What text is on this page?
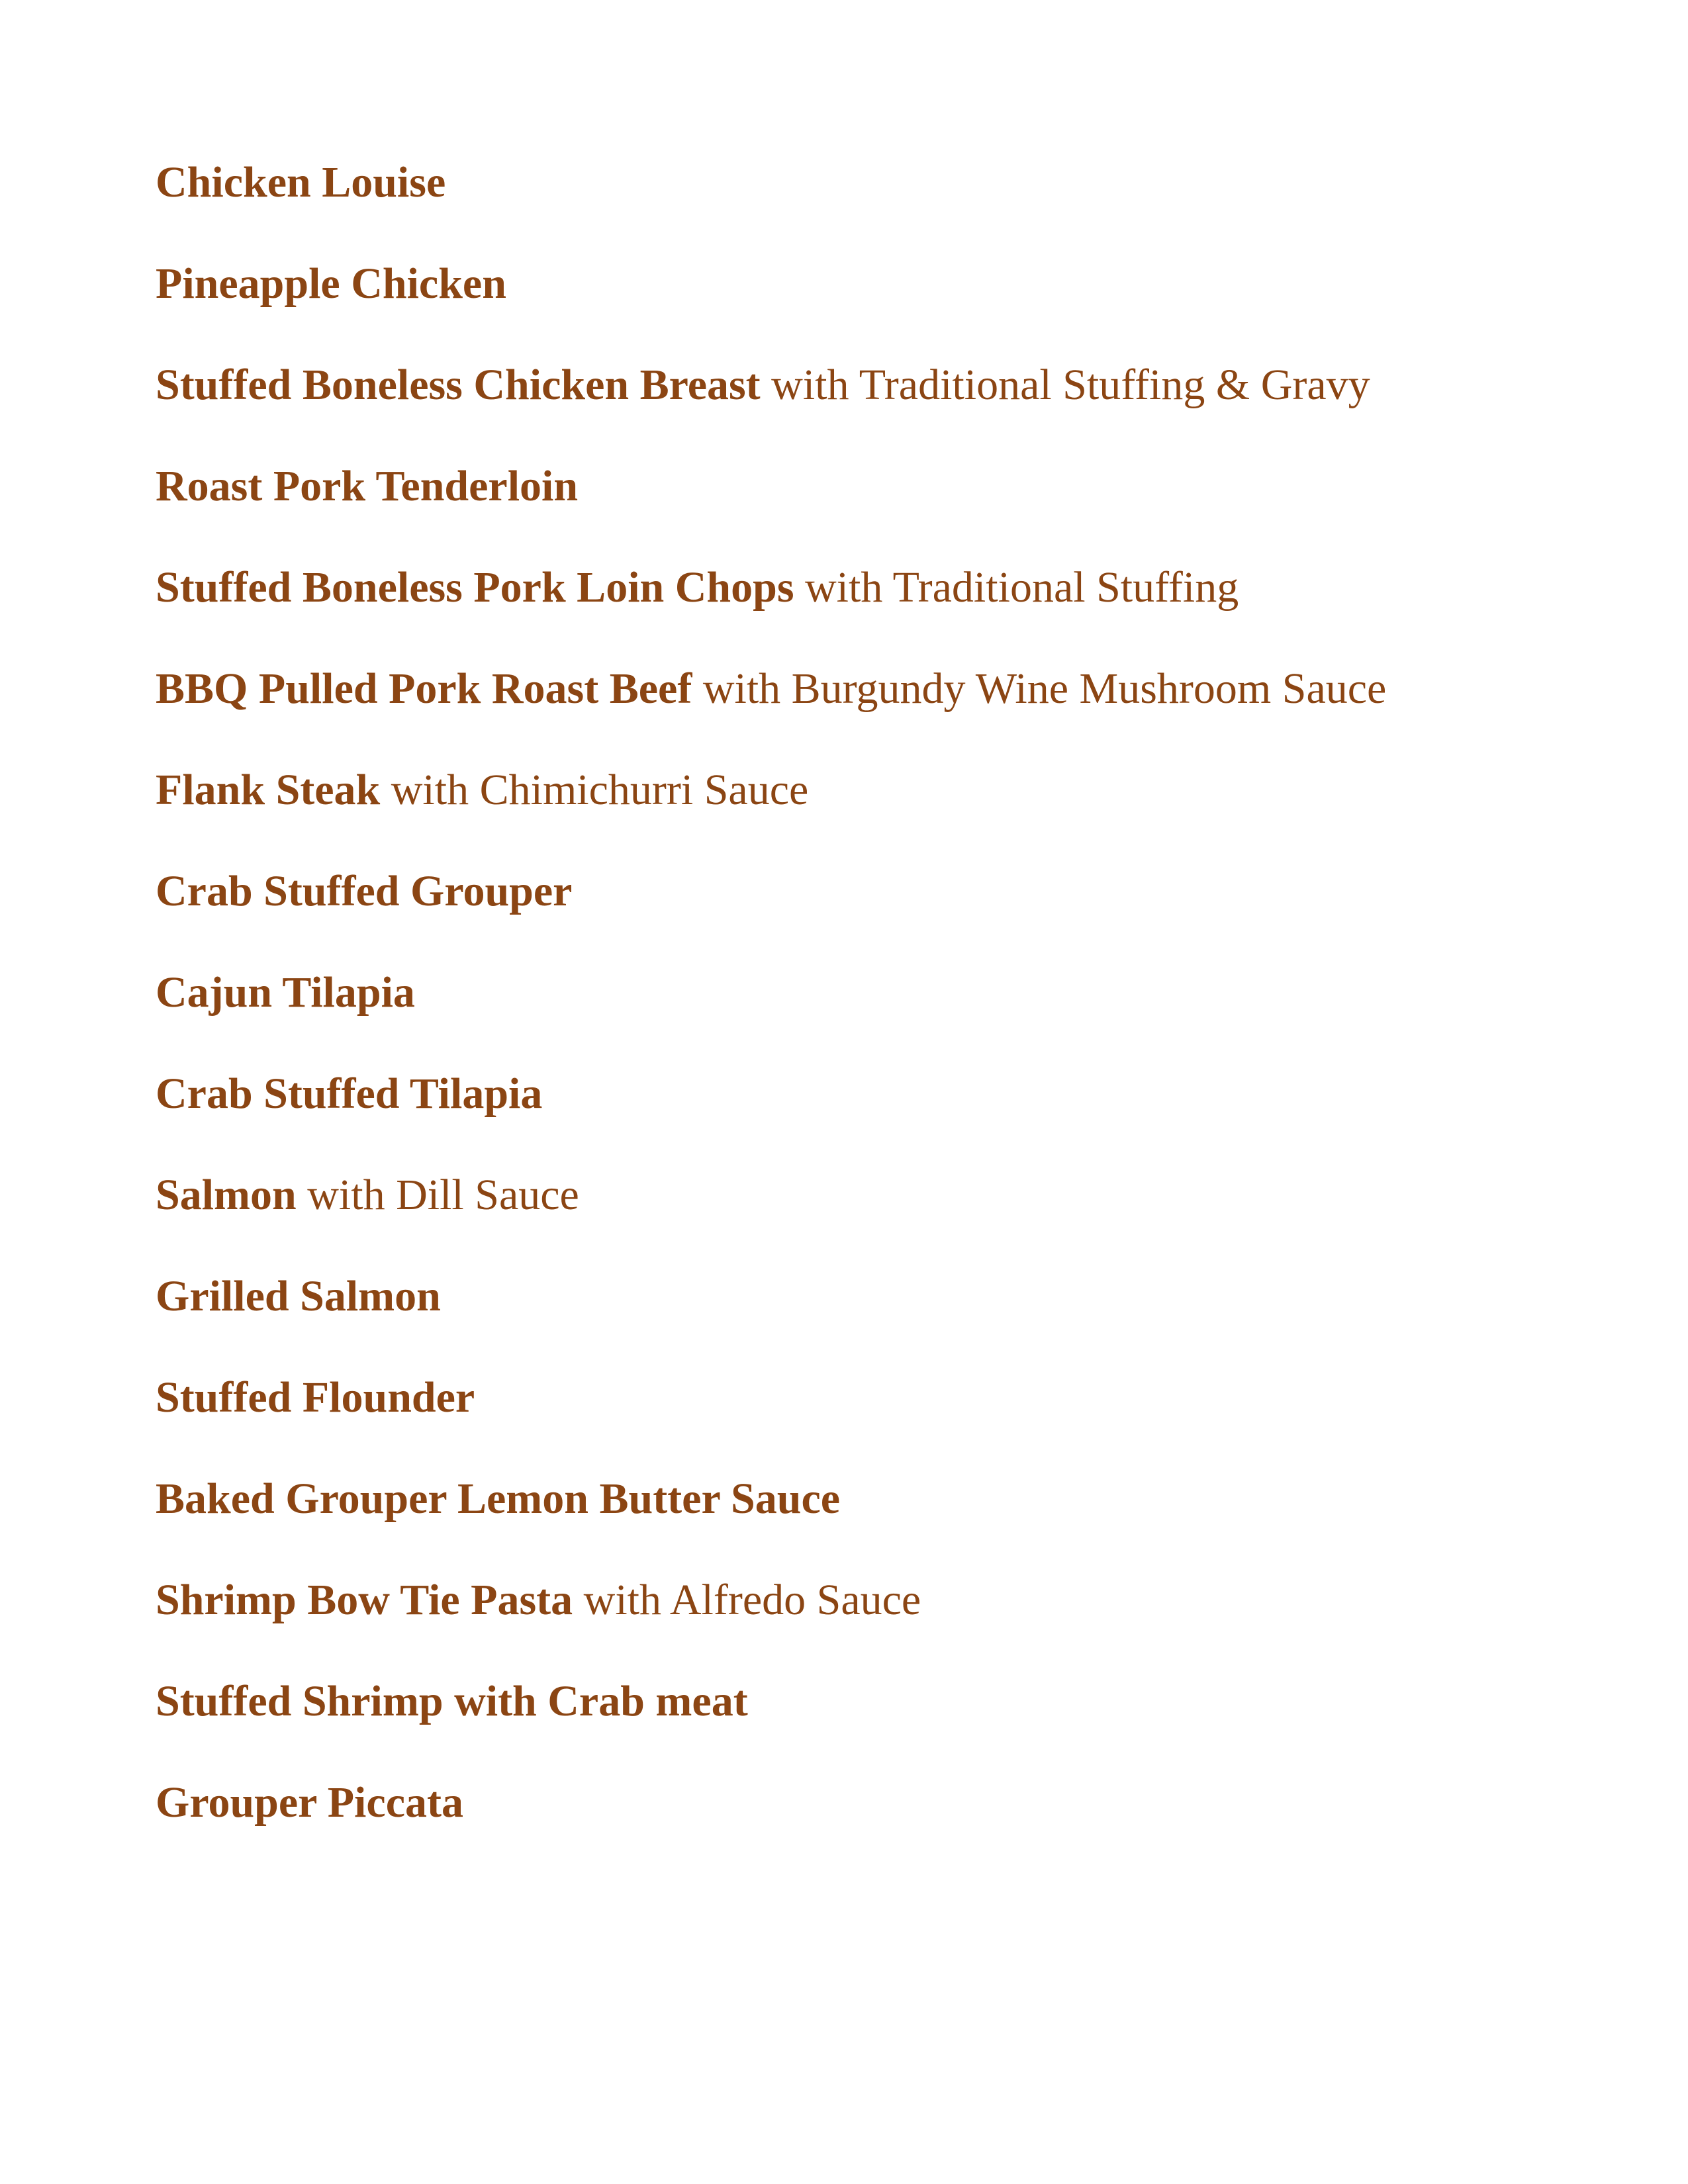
Chicken Louise
Pineapple Chicken
Stuffed Boneless Chicken Breast with Traditional Stuffing & Gravy
Roast Pork Tenderloin
Stuffed Boneless Pork Loin Chops with Traditional Stuffing
BBQ Pulled Pork Roast Beef with Burgundy Wine Mushroom Sauce
Flank Steak with Chimichurri Sauce
Crab Stuffed Grouper
Cajun Tilapia
Crab Stuffed Tilapia
Salmon with Dill Sauce
Grilled Salmon
Stuffed Flounder
Baked Grouper Lemon Butter Sauce
Shrimp Bow Tie Pasta with Alfredo Sauce
Stuffed Shrimp with Crab meat
Grouper Piccata
